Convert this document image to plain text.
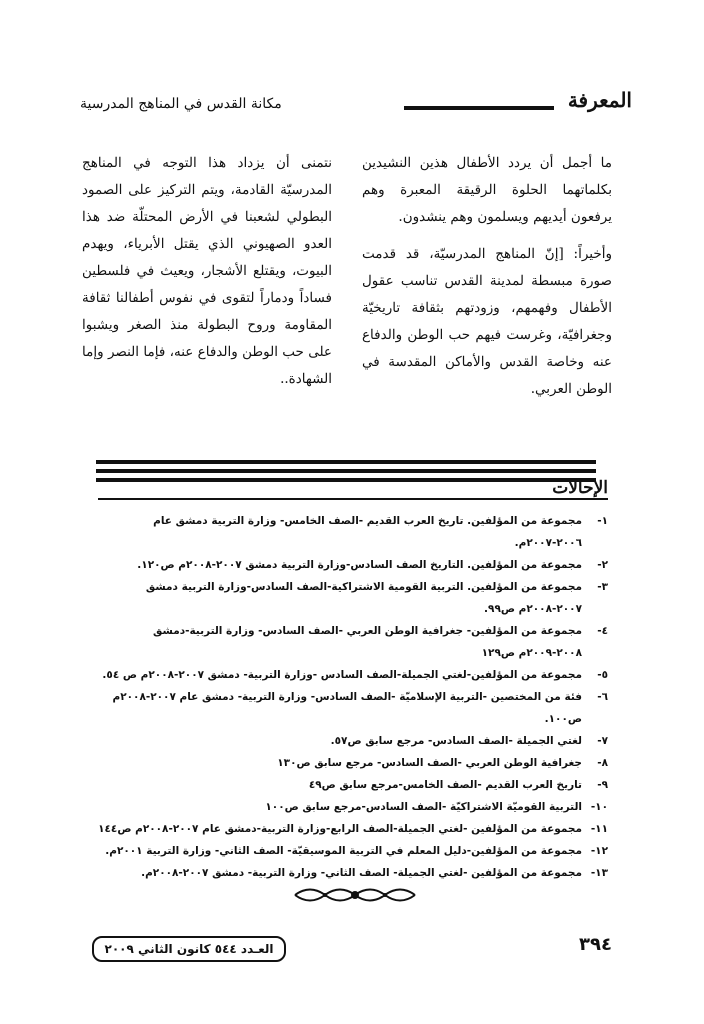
المعرفة
مكانة القدس في المناهج المدرسية

ما أجمل أن يردد الأطفال هذين النشيدين بكلماتهما الحلوة الرقيقة المعبرة وهم يرفعون أيديهم ويسلمون وهم ينشدون.

وأخيراً: [إنّ المناهج المدرسيّة، قد قدمت صورة مبسطة لمدينة القدس تناسب عقول الأطفال وفهمهم، وزودتهم بثقافة تاريخيّة وجغرافيّة، وغرست فيهم حب الوطن والدفاع عنه وخاصة القدس والأماكن المقدسة في الوطن العربي.

نتمنى أن يزداد هذا التوجه في المناهج المدرسيّة القادمة، ويتم التركيز على الصمود البطولي لشعبنا في الأرض المحتلّة ضد هذا العدو الصهيوني الذي يقتل الأبرياء، ويهدم البيوت، ويقتلع الأشجار، ويعيث في فلسطين فساداً ودماراً لتقوى في نفوس أطفالنا ثقافة المقاومة وروح البطولة منذ الصغر ويشبوا على حب الوطن والدفاع عنه، فإما النصر وإما الشهادة..

الإحالات
١-
مجموعة من المؤلفين. تاريخ العرب القديم -الصف الخامس- وزارة التربية دمشق عام ٢٠٠٦-٢٠٠٧م.
٢-
مجموعة من المؤلفين. التاريخ الصف السادس-وزارة التربية دمشق ٢٠٠٧-٢٠٠٨م ص١٢٠.
٣-
مجموعة من المؤلفين. التربية القومية الاشتراكية-الصف السادس-وزارة التربية دمشق ٢٠٠٧-٢٠٠٨م ص٩٩.
٤-
مجموعة من المؤلفين- جغرافية الوطن العربي -الصف السادس- وزارة التربية-دمشق ٢٠٠٨-٢٠٠٩م ص١٢٩
٥-
مجموعة من المؤلفين-لغتي الجميلة-الصف السادس -وزارة التربية- دمشق ٢٠٠٧-٢٠٠٨م ص ٥٤.
٦-
فئة من المختصين -التربية الإسلاميّة -الصف السادس- وزارة التربية- دمشق عام ٢٠٠٧-٢٠٠٨م ص١٠٠.
٧-
لغتي الجميلة -الصف السادس- مرجع سابق ص٥٧.
٨-
جغرافية الوطن العربي -الصف السادس- مرجع سابق ص١٣٠
٩-
تاريخ العرب القديم -الصف الخامس-مرجع سابق ص٤٩
١٠-
التربية القوميّة الاشتراكيّة -الصف السادس-مرجع سابق ص١٠٠
١١-
مجموعة من المؤلفين -لغتي الجميلة-الصف الرابع-وزارة التربية-دمشق عام ٢٠٠٧-٢٠٠٨م ص١٤٤
١٢-
مجموعة من المؤلفين-دليل المعلم في التربية الموسيقيّة- الصف الثاني- وزارة التربية ٢٠٠١م.
١٣-
مجموعة من المؤلفين -لغتي الجميلة- الصف الثاني- وزارة التربية- دمشق ٢٠٠٧-٢٠٠٨م.
العـدد ٥٤٤ كانون الثاني ٢٠٠٩	٣٩٤
